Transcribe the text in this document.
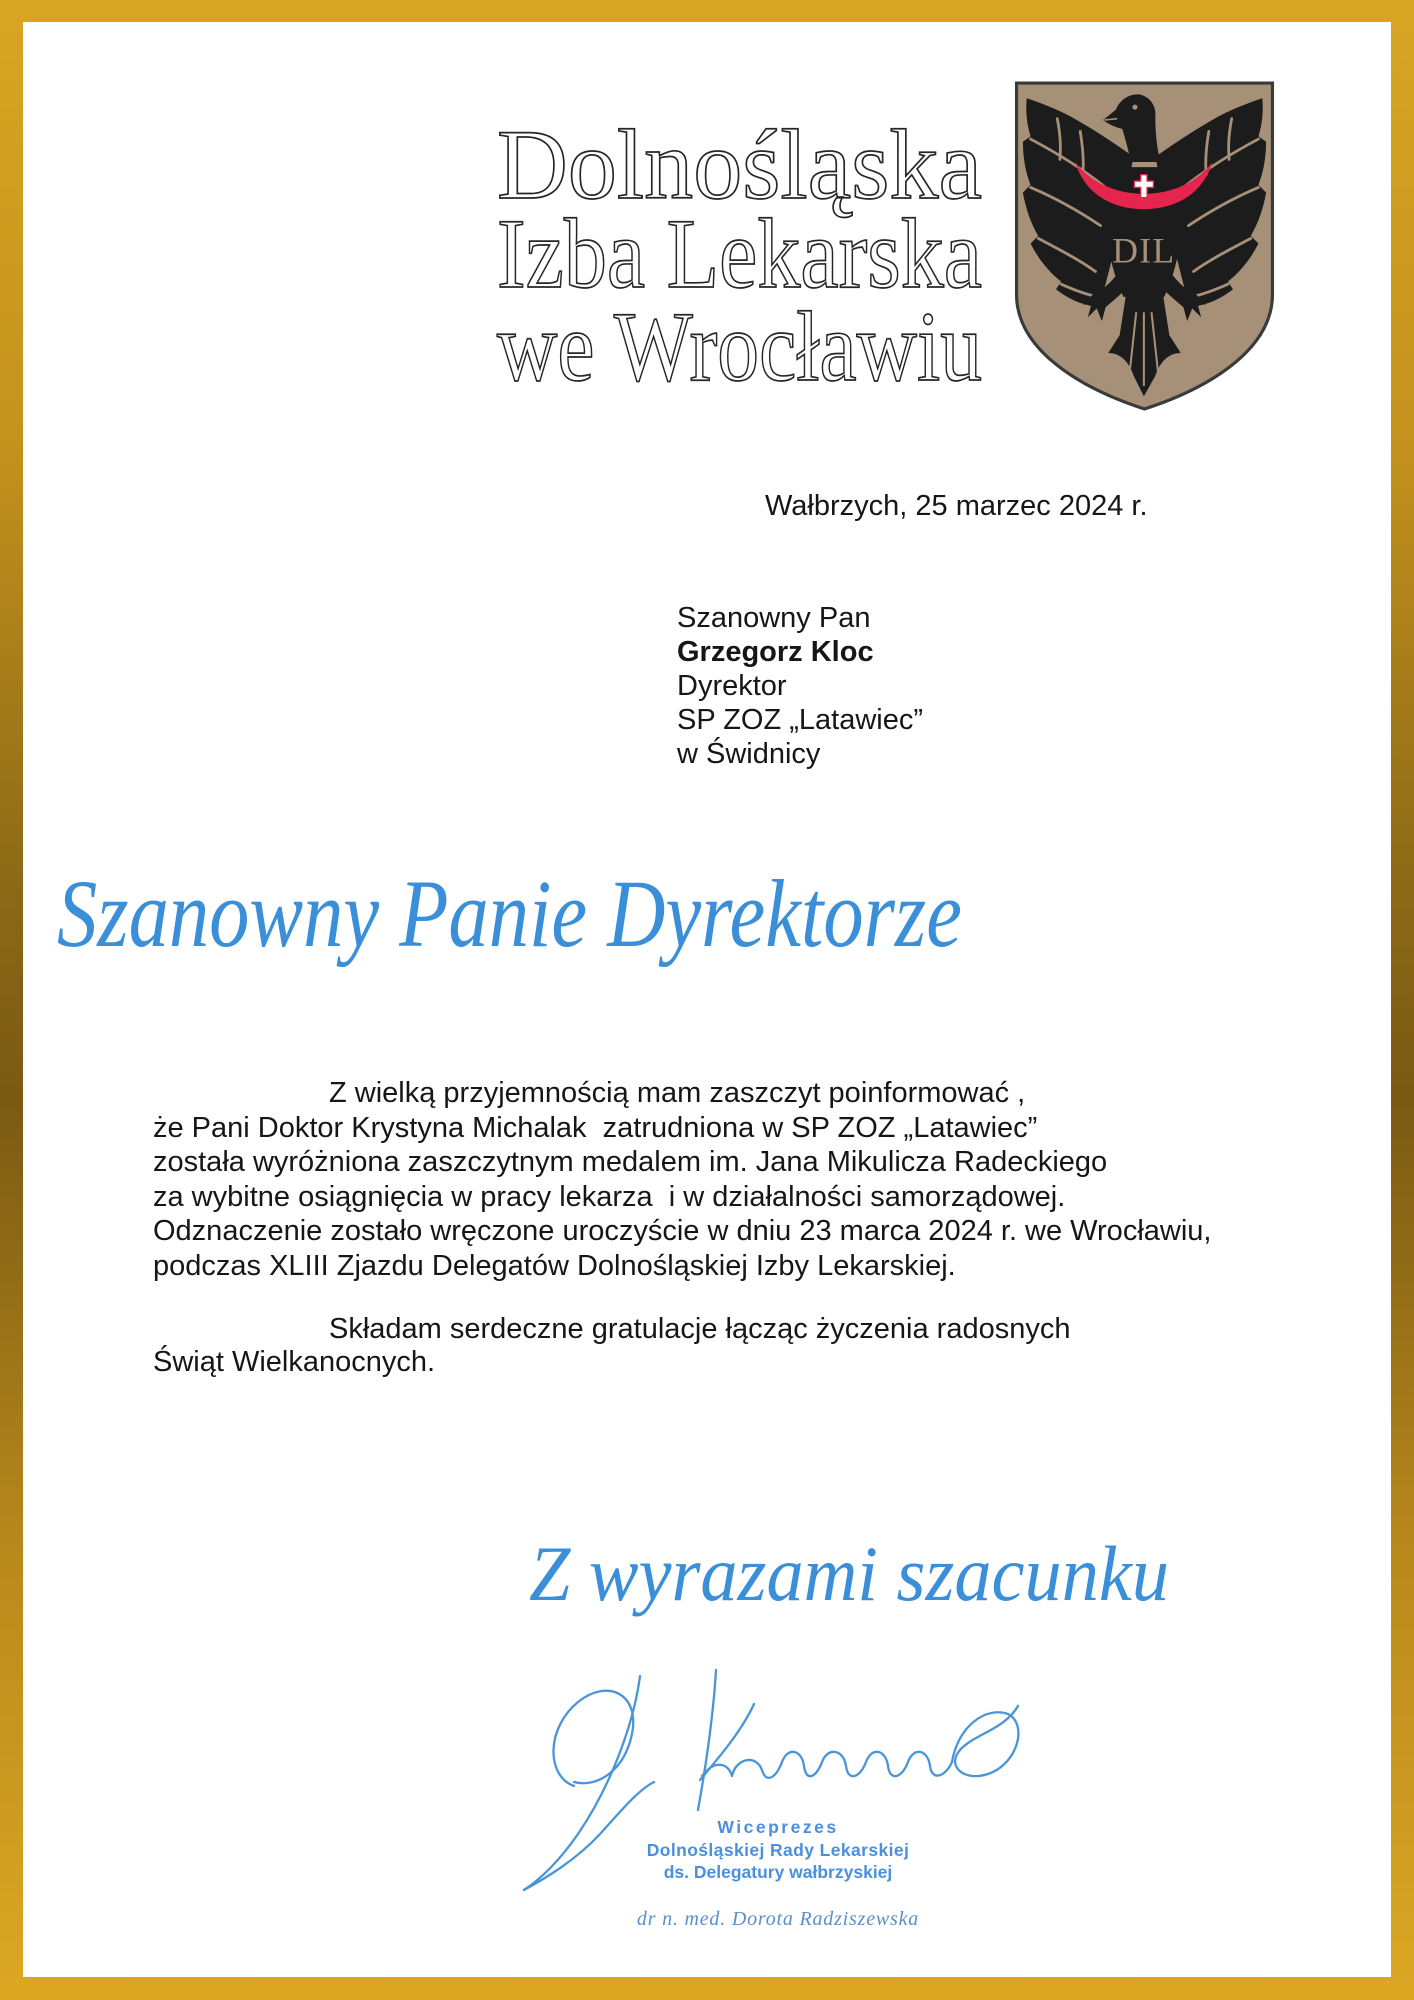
Dolnośląska
Izba Lekarska
we Wrocławiu
DIL
Wałbrzych, 25 marzec 2024 r.
Szanowny Pan
Grzegorz Kloc
Dyrektor
SP ZOZ „Latawiec”
w Świdnicy
Szanowny Panie Dyrektorze
Z wielką przyjemnością mam zaszczyt poinformować ,
że Pani Doktor Krystyna Michalak  zatrudniona w SP ZOZ „Latawiec”
została wyróżniona zaszczytnym medalem im. Jana Mikulicza Radeckiego
za wybitne osiągnięcia w pracy lekarza  i w działalności samorządowej.
Odznaczenie zostało wręczone uroczyście w dniu 23 marca 2024 r. we Wrocławiu,
podczas XLIII Zjazdu Delegatów Dolnośląskiej Izby Lekarskiej.
Składam serdeczne gratulacje łącząc życzenia radosnych
Świąt Wielkanocnych.
Z wyrazami szacunku
Wiceprezes
Dolnośląskiej Rady Lekarskiej
ds. Delegatury wałbrzyskiej
dr n. med. Dorota Radziszewska
